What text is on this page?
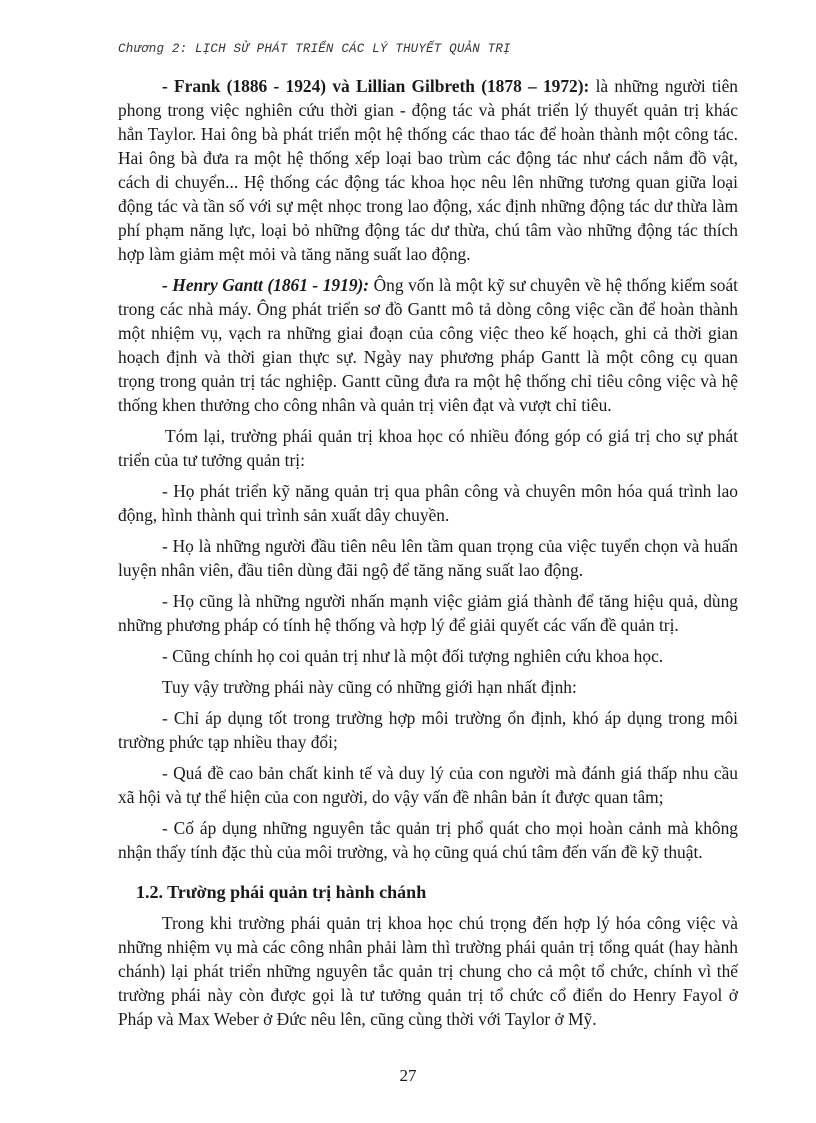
Chương 2: LỊCH SỬ PHÁT TRIỂN CÁC LÝ THUYẾT QUẢN TRỊ

- Frank (1886 - 1924) và Lillian Gilbreth (1878 – 1972): là những người tiên phong trong việc nghiên cứu thời gian - động tác và phát triển lý thuyết quản trị khác hẳn Taylor. Hai ông bà phát triển một hệ thống các thao tác để hoàn thành một công tác. Hai ông bà đưa ra một hệ thống xếp loại bao trùm các động tác như cách nắm đồ vật, cách di chuyển... Hệ thống các động tác khoa học nêu lên những tương quan giữa loại động tác và tần số với sự mệt nhọc trong lao động, xác định những động tác dư thừa làm phí phạm năng lực, loại bỏ những động tác dư thừa, chú tâm vào những động tác thích hợp làm giảm mệt mỏi và tăng năng suất lao động.

- Henry Gantt (1861 - 1919): Ông vốn là một kỹ sư chuyên về hệ thống kiểm soát trong các nhà máy. Ông phát triển sơ đồ Gantt mô tả dòng công việc cần để hoàn thành một nhiệm vụ, vạch ra những giai đoạn của công việc theo kế hoạch, ghi cả thời gian hoạch định và thời gian thực sự. Ngày nay phương pháp Gantt là một công cụ quan trọng trong quản trị tác nghiệp. Gantt cũng đưa ra một hệ thống chỉ tiêu công việc và hệ thống khen thưởng cho công nhân và quản trị viên đạt và vượt chỉ tiêu.

Tóm lại, trường phái quản trị khoa học có nhiều đóng góp có giá trị cho sự phát triển của tư tưởng quản trị:

- Họ phát triển kỹ năng quản trị qua phân công và chuyên môn hóa quá trình lao động, hình thành qui trình sản xuất dây chuyền.

- Họ là những người đầu tiên nêu lên tầm quan trọng của việc tuyển chọn và huấn luyện nhân viên, đầu tiên dùng đãi ngộ để tăng năng suất lao động.

- Họ cũng là những người nhấn mạnh việc giảm giá thành để tăng hiệu quả, dùng những phương pháp có tính hệ thống và hợp lý để giải quyết các vấn đề quản trị.

- Cũng chính họ coi quản trị như là một đối tượng nghiên cứu khoa học.

Tuy vậy trường phái này cũng có những giới hạn nhất định:

- Chỉ áp dụng tốt trong trường hợp môi trường ổn định, khó áp dụng trong môi trường phức tạp nhiều thay đổi;

- Quá đề cao bản chất kinh tế và duy lý của con người mà đánh giá thấp nhu cầu xã hội và tự thể hiện của con người, do vậy vấn đề nhân bản ít được quan tâm;

- Cố áp dụng những nguyên tắc quản trị phổ quát cho mọi hoàn cảnh mà không nhận thấy tính đặc thù của môi trường, và họ cũng quá chú tâm đến vấn đề kỹ thuật.

1.2. Trường phái quản trị hành chánh

Trong khi trường phái quản trị khoa học chú trọng đến hợp lý hóa công việc và những nhiệm vụ mà các công nhân phải làm thì trường phái quản trị tổng quát (hay hành chánh) lại phát triển những nguyên tắc quản trị chung cho cả một tổ chức, chính vì thế trường phái này còn được gọi là tư tưởng quản trị tổ chức cổ điển do Henry Fayol ở Pháp và Max Weber ở Đức nêu lên, cũng cùng thời với Taylor ở Mỹ.

27
